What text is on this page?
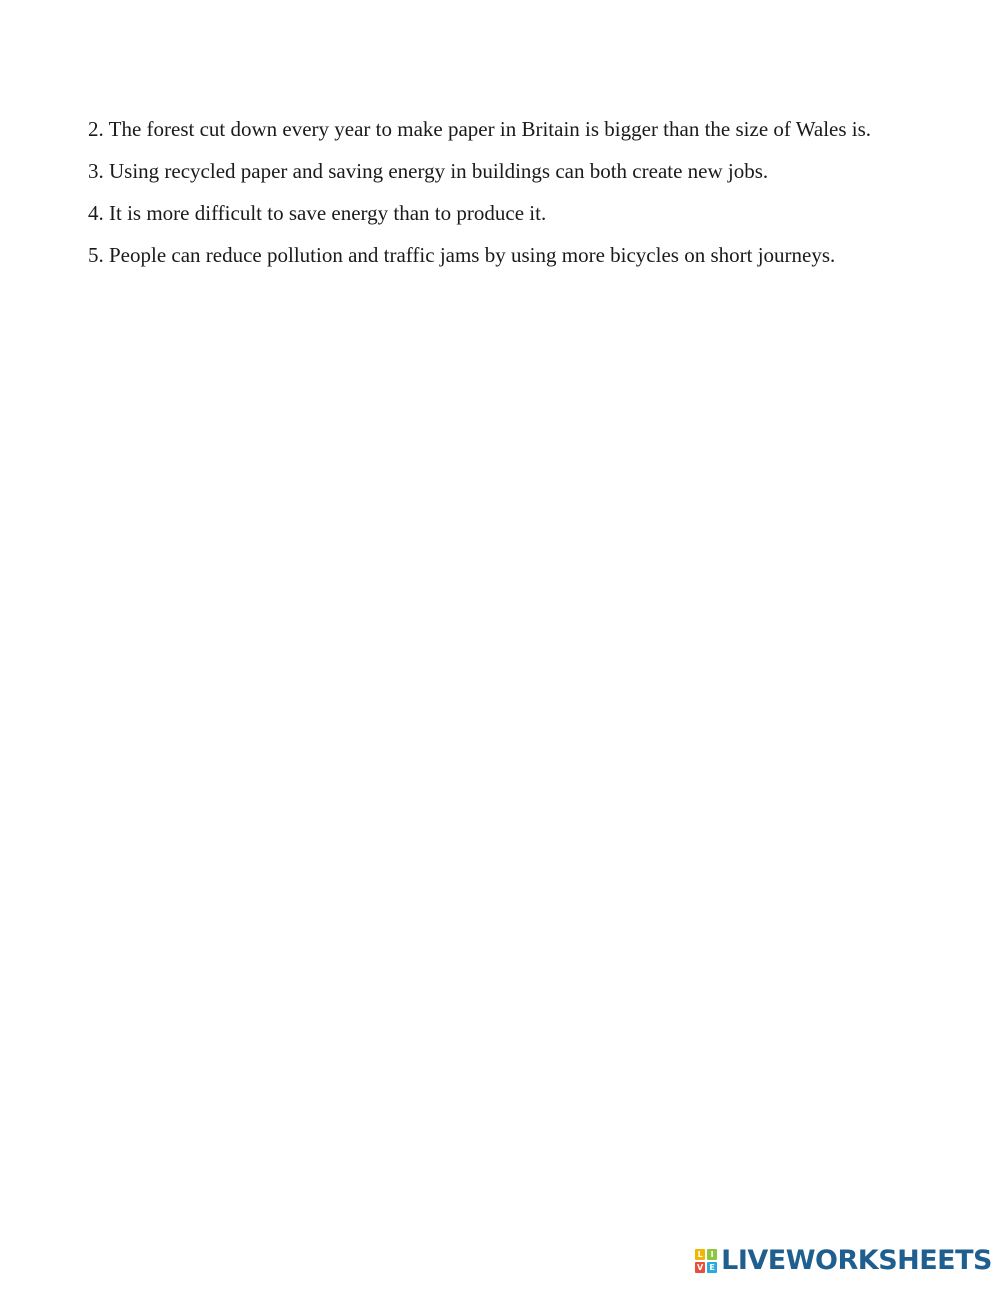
2. The forest cut down every year to make paper in Britain is bigger than the size of Wales is.

3. Using recycled paper and saving energy in buildings can both create new jobs.

4. It is more difficult to save energy than to produce it.

5. People can reduce pollution and traffic jams by using more bicycles on short journeys.

L I
V E LIVEWORKSHEETS
